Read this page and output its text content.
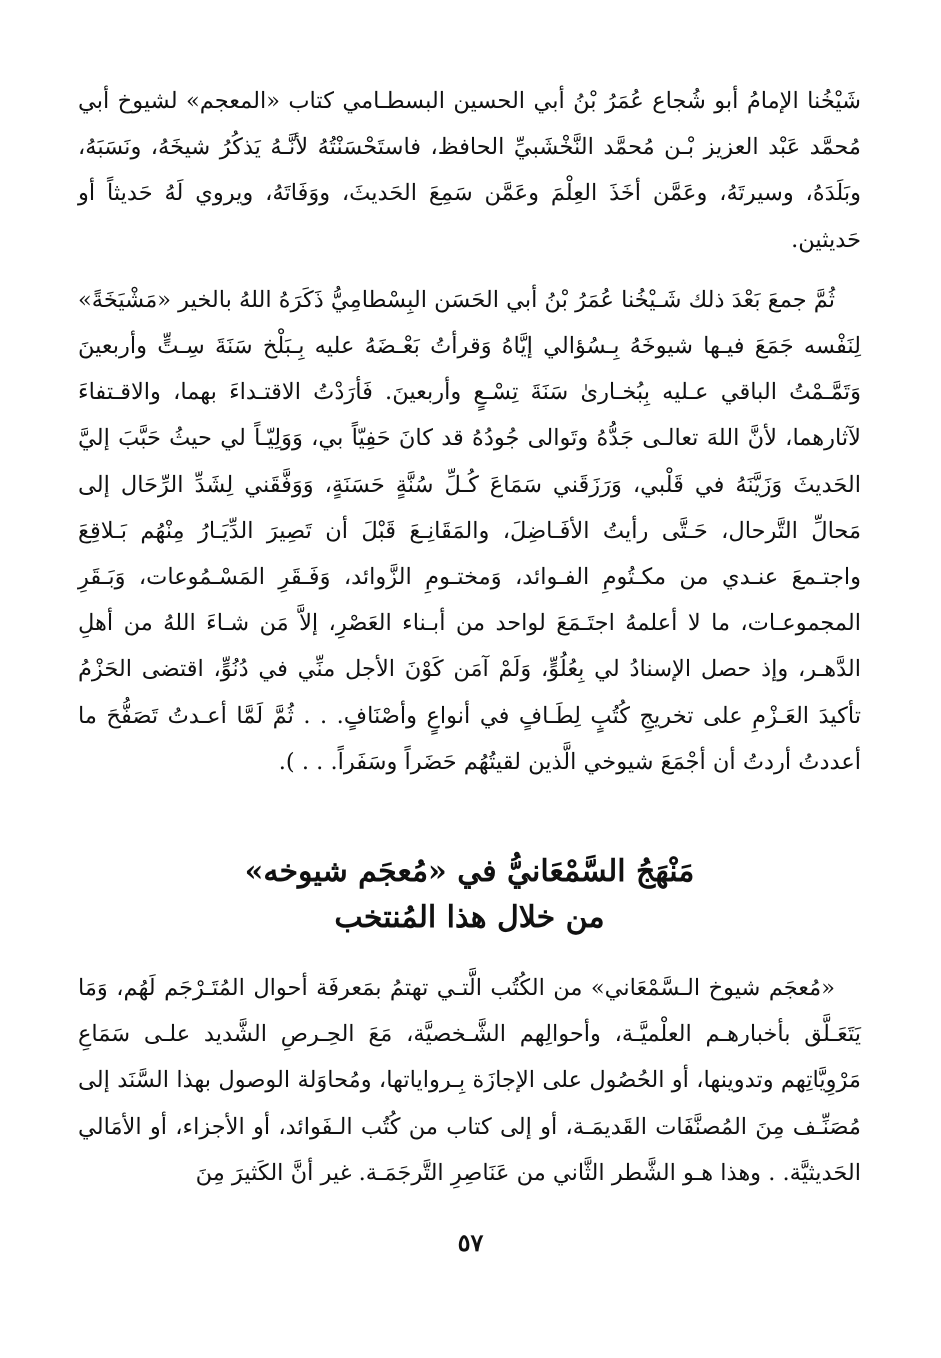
شَيْخُنا الإمامُ أبو شُجاع عُمَرُ بْنُ أبي الحسين البسطـامي كتاب «المعجم» لشيوخ أبي مُحمَّد عَبْد العزيز بْـن مُحمَّد النَّخْشَبيِّ الحافظ، فاستَحْسَنْتُهُ لأنَّـهُ يَذكُرُ شيخَهُ، ونَسَبَهُ، وبَلَدَهُ، وسيرتَهُ، وعَمَّن أخَذَ العِلْمَ وعَمَّن سَمِعَ الحَديثَ، ووَفَاتَهُ، ويروي لَهُ حَديثاً أو حَديثين.

ثُمَّ جمعَ بَعْدَ ذلك شَـيْخُنا عُمَرُ بْنُ أبي الحَسَن البِسْطامِيُّ ذَكَرَهُ اللهُ بالخير «مَشْيَخَةً» لِنَفْسه جَمَعَ فيـها شيوخَهُ بِـسُؤالي إيَّاهُ وَقرأتُ بَعْـضَهُ عليه بِـبَلْخ سَنَةَ سِـتٍّ وأربعينَ وَتَمَّـمْتُ الباقي عـليه بِبُخـارىٰ سَنَةَ تِسْـعٍ وأربعينَ. فَأرَدْتُ الاقتـداءَ بهما، والاقـتفاءَ لآثارهما، لأنَّ اللهَ تعالـى جَدُّهُ وتَوالى جُودُهُ قد كانَ حَفِيّاً بي، وَوَلِيّـاً لي حيثُ حَبَّبَ إليَّ الحَديثَ وَزَيَّنَهُ في قَلْبي، وَرَزَقَني سَمَاعَ كُـلِّ سُنَّةٍ حَسَنَةٍ، وَوَفَّقَني لِشَدِّ الرِّحَال إلى مَحالِّ التَّرحال، حَـتَّى رأيتُ الأفَـاضِلَ، والمَقَانِـعَ قَبْلَ أن تَصِيرَ الدِّيَـارُ مِنْهُم بَـلاقِعَ واجتـمعَ عنـدي من مكـتُومِ الفـوائد، وَمختـومِ الزَّوائد، وَفَـقَرِ المَسْـمُوعات، وَبَـقَرِ المجموعـات، ما لا أعلمهُ اجتَـمَعَ لواحد من أبـناء العَصْرِ، إلاَّ مَن شـاءَ اللهُ من أهلِ الدَّهـر، وإذ حصل الإسنادُ لي بِعُلُوٍّ، وَلَمْ آمَن كَوْنَ الأجل منِّي في دُنُوٍّ، اقتضى الحَزْمُ تأكيدَ العَـزْمِ على تخريجِ كُتُبٍ لِطَـافٍ في أنواعٍ وأصْنَافٍ. . . ثُمَّ لَمَّا أعـدتُ تَصَفُّحَ ما أعددتُ أردتُ أن أجْمَعَ شيوخي الَّذين لقيتُهُم حَضَراً وسَفَراً. . . ).

مَنْهَجُ السَّمْعَانيُّ في «مُعجَم شيوخه»
من خلال هذا المُنتخب

«مُعجَم شيوخ الـسَّمْعَاني» من الكُتُب الَّتـي تهتمُ بمَعرفَة أحوال المُتَـرْجَم لَهُم، وَمَا يَتَعَـلَّق بأخبارهـم العلْميَّـة، وأحوالِهم الشَّـخصيَّة، مَعَ الحِـرصِ الشَّديد علـى سَمَاعِ مَرْوِيَّاتِهم وتدوينها، أو الحُصُول على الإجازَة بِـرواياتها، ومُحاوَلة الوصول بهذا السَّنَد إلى مُصَنِّـف مِنَ المُصنَّفَات القَديمَـة، أو إلى كتاب من كُتُب الـفَوائد، أو الأجزاء، أو الأمَالي الحَديثيَّة. . وهذا هـو الشَّطر الثَّاني من عَنَاصِرِ التَّرجَمَـة. غير أنَّ الكَثيرَ مِنَ

٥٧
